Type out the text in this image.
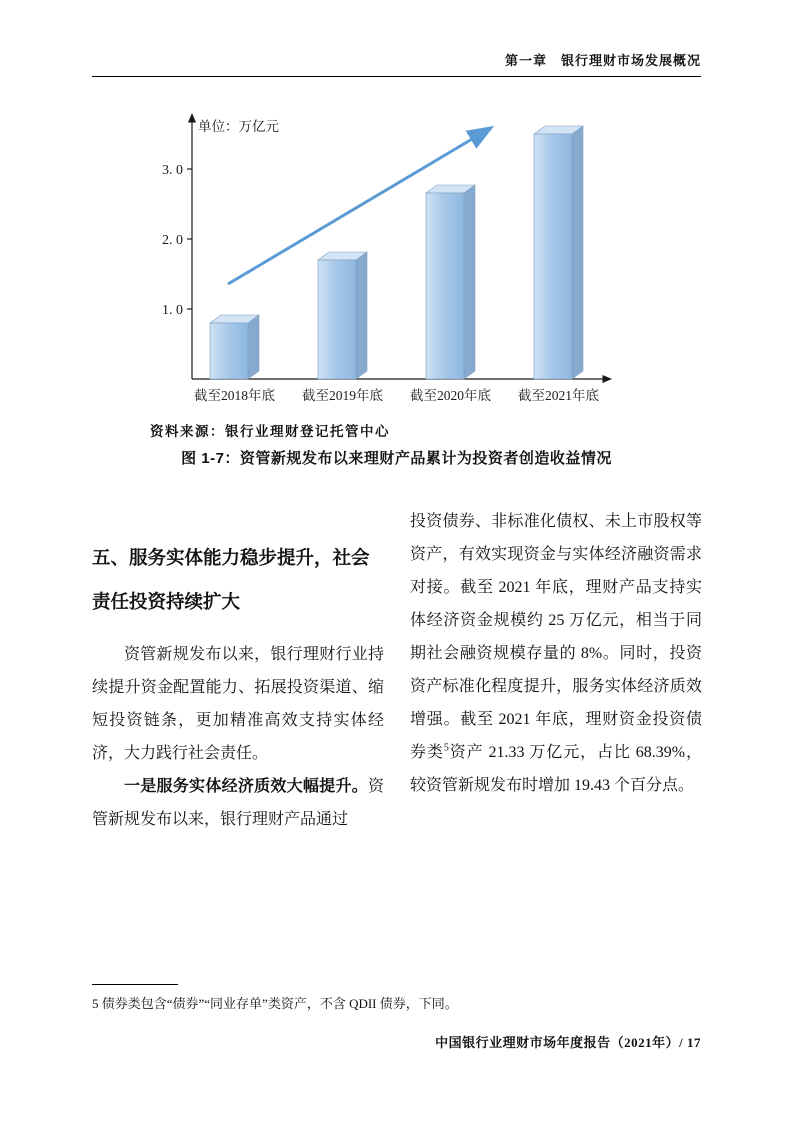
第一章　银行理财市场发展概况
单位：万亿元
1. 0
2. 0
3. 0
截至2018年底 截至2019年底 截至2020年底 截至2021年底
资料来源：银行业理财登记托管中心
图 1-7：资管新规发布以来理财产品累计为投资者创造收益情况
五、服务实体能力稳步提升，社会责任投资持续扩大

资管新规发布以来，银行理财行业持续提升资金配置能力、拓展投资渠道、缩短投资链条，更加精准高效支持实体经济，大力践行社会责任。

一是服务实体经济质效大幅提升。资管新规发布以来，银行理财产品通过

投资债券、非标准化债权、未上市股权等资产，有效实现资金与实体经济融资需求对接。截至 2021 年底，理财产品支持实体经济资金规模约 25 万亿元，相当于同期社会融资规模存量的 8%。同时，投资资产标准化程度提升，服务实体经济质效增强。截至 2021 年底，理财资金投资债券类$^5$资产 21.33 万亿元，占比 68.39%，较资管新规发布时增加 19.43 个百分点。

5 债券类包含“债券”“同业存单”类资产，不含 QDII 债券，下同。
中国银行业理财市场年度报告（2021年）/ 17
